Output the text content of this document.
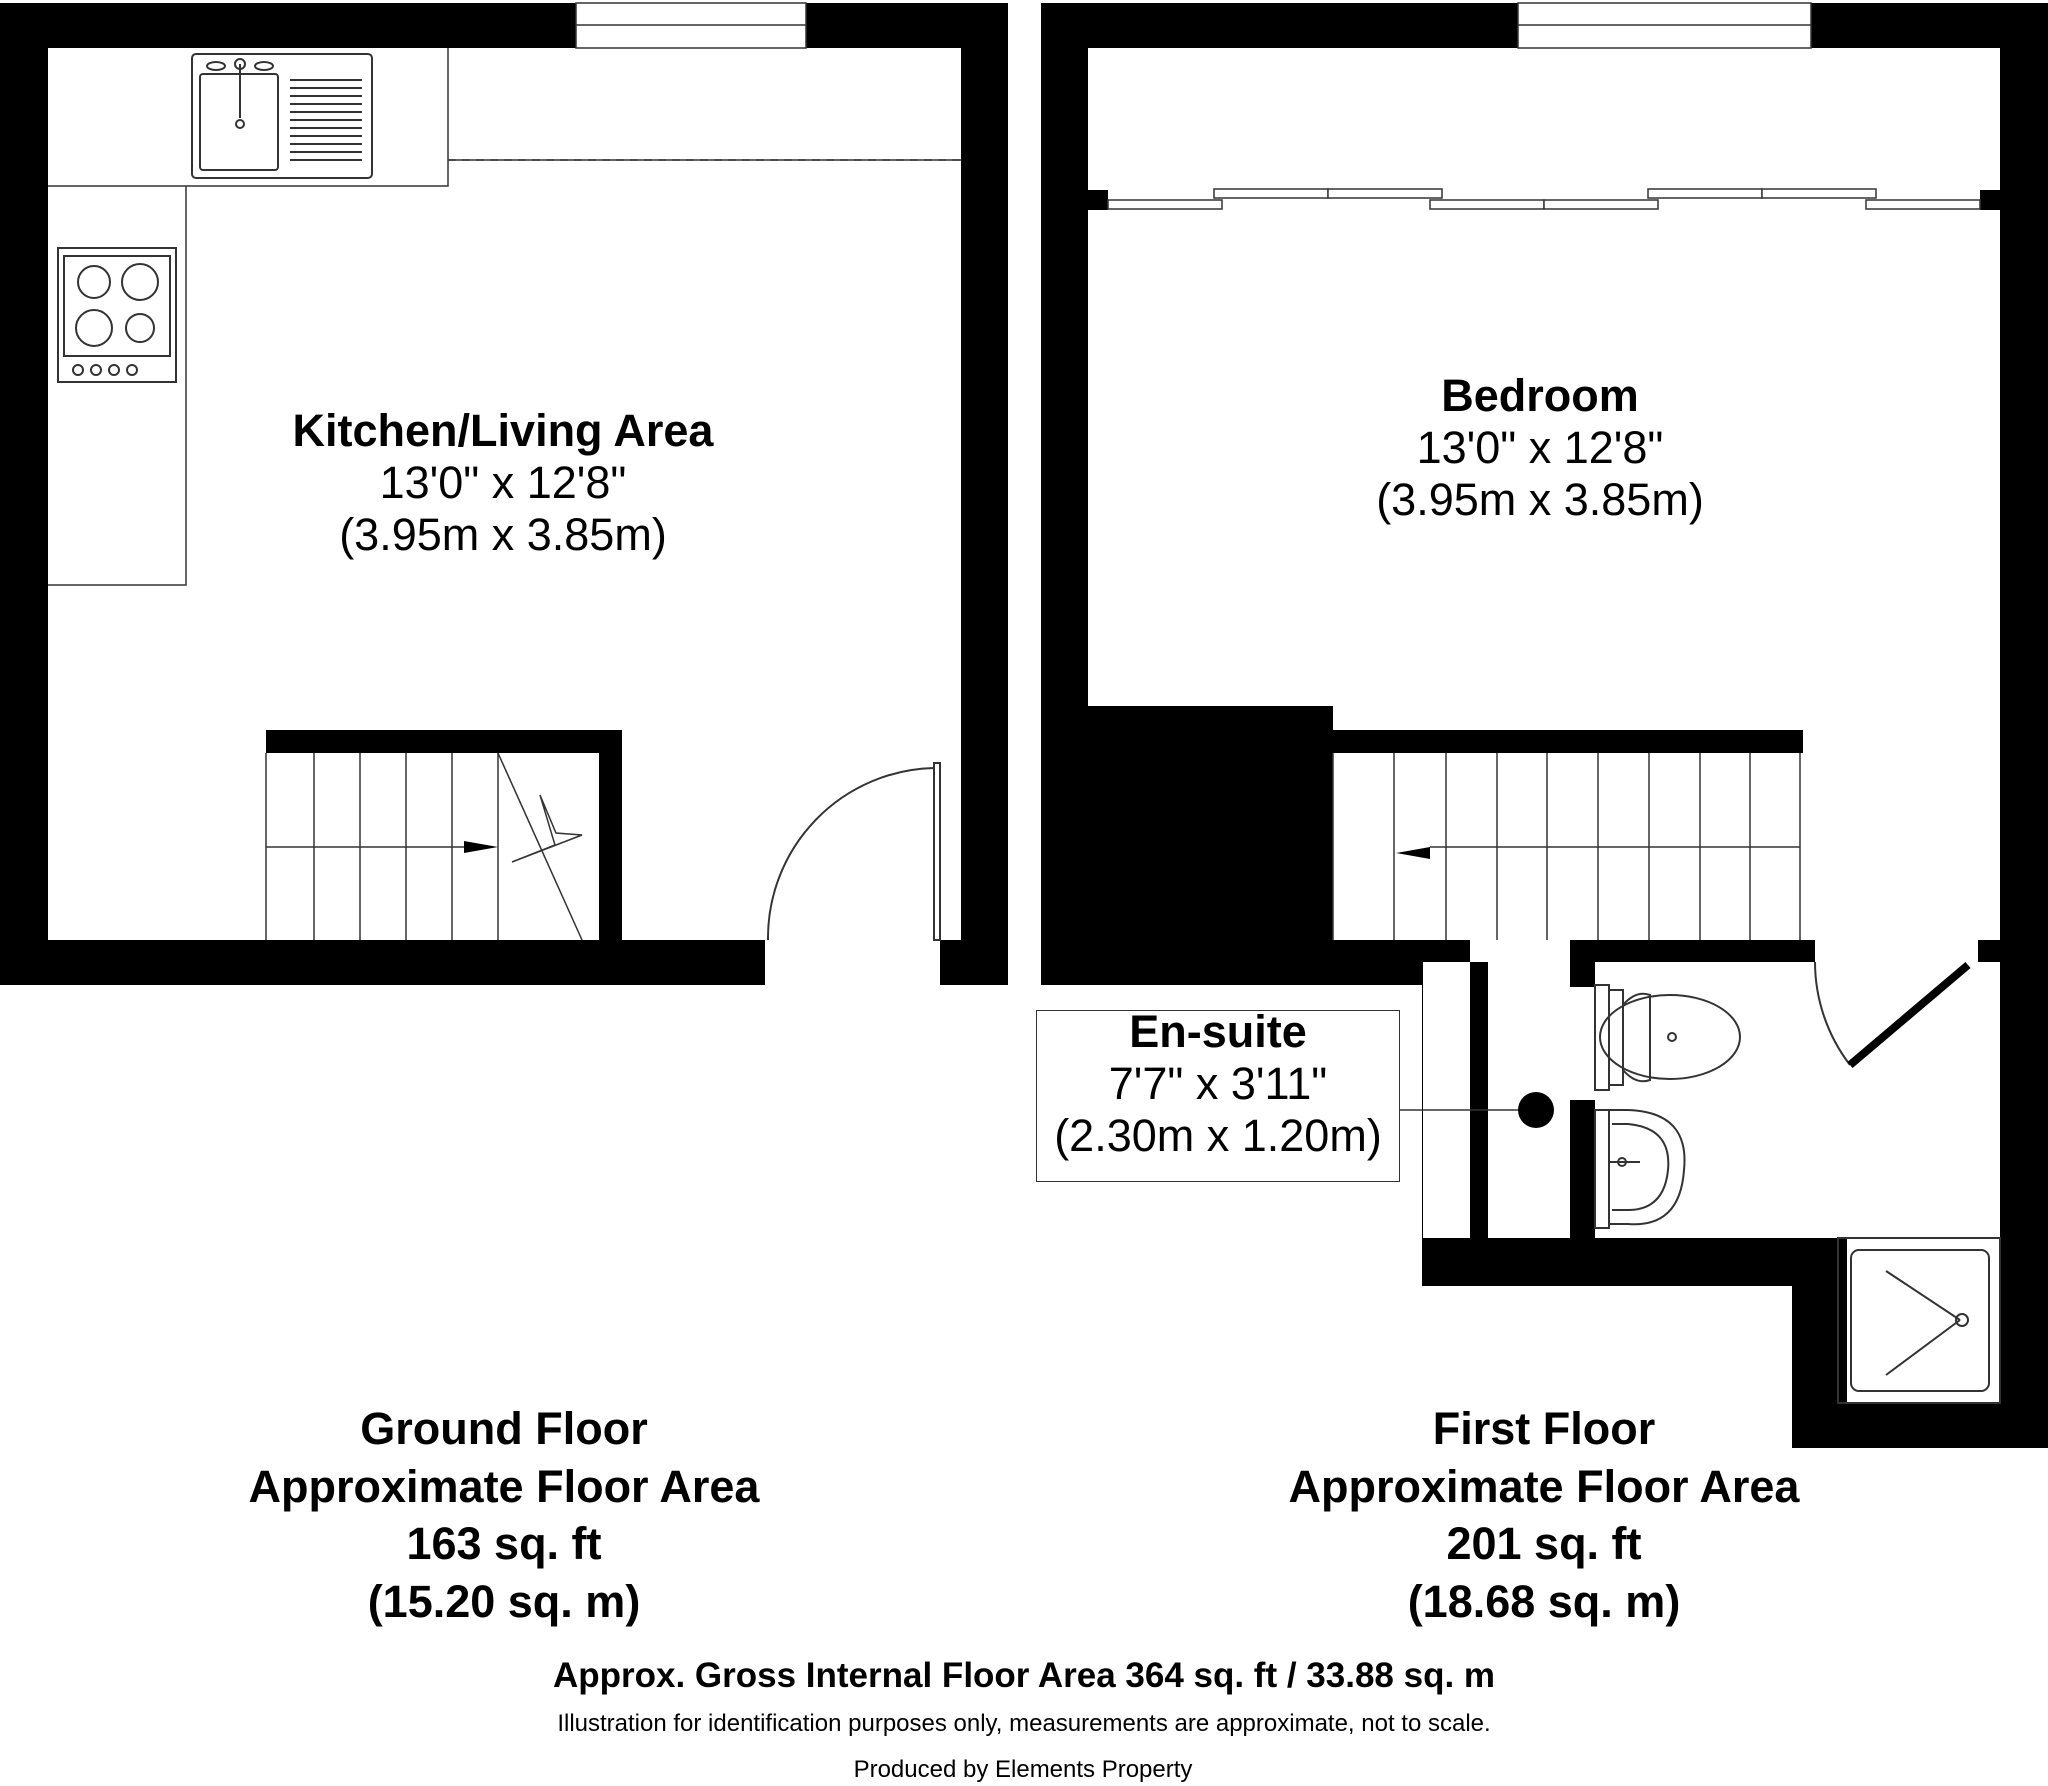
Kitchen/Living Area
13'0" x 12'8"
(3.95m x 3.85m)
Bedroom
13'0" x 12'8"
(3.95m x 3.85m)
En-suite
7'7" x 3'11"
(2.30m x 1.20m)
Ground Floor
Approximate Floor Area
163 sq. ft
(15.20 sq. m)
First Floor
Approximate Floor Area
201 sq. ft
(18.68 sq. m)
Approx. Gross Internal Floor Area 364 sq. ft / 33.88 sq. m
Illustration for identification purposes only, measurements are approximate, not to scale.
Produced by Elements Property
